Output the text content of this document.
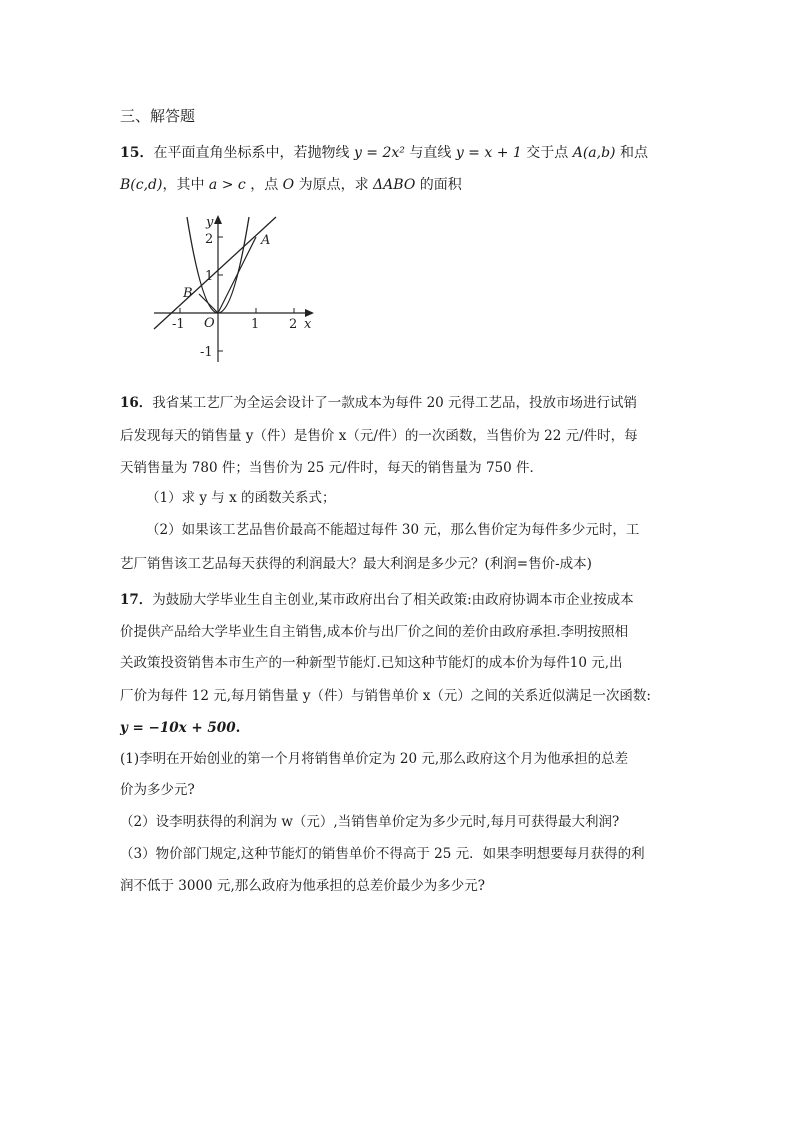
三、解答题
15．在平面直角坐标系中，若抛物线 y = 2x² 与直线 y = x + 1 交于点 A(a,b) 和点
B(c,d)，其中 a > c ，点 O 为原点，求 ΔABO 的面积
y
x
2
1
-1
-1	1 2
O
A
B
16．我省某工艺厂为全运会设计了一款成本为每件 20 元得工艺品，投放市场进行试销
后发现每天的销售量 y（件）是售价 x（元/件）的一次函数，当售价为 22 元/件时，每
天销售量为 780 件；当售价为 25 元/件时，每天的销售量为 750 件．
（1）求 y 与 x 的函数关系式；
（2）如果该工艺品售价最高不能超过每件 30 元，那么售价定为每件多少元时，工
艺厂销售该工艺品每天获得的利润最大？最大利润是多少元？(利润=售价-成本)
17．为鼓励大学毕业生自主创业,某市政府出台了相关政策:由政府协调本市企业按成本
价提供产品给大学毕业生自主销售,成本价与出厂价之间的差价由政府承担.李明按照相
关政策投资销售本市生产的一种新型节能灯.已知这种节能灯的成本价为每件10 元,出
厂价为每件 12 元,每月销售量 y（件）与销售单价 x（元）之间的关系近似满足一次函数:
y = −10x + 500.
(1)李明在开始创业的第一个月将销售单价定为 20 元,那么政府这个月为他承担的总差
价为多少元?
（2）设李明获得的利润为 w（元）,当销售单价定为多少元时,每月可获得最大利润?
（3）物价部门规定,这种节能灯的销售单价不得高于 25 元．如果李明想要每月获得的利
润不低于 3000 元,那么政府为他承担的总差价最少为多少元?
